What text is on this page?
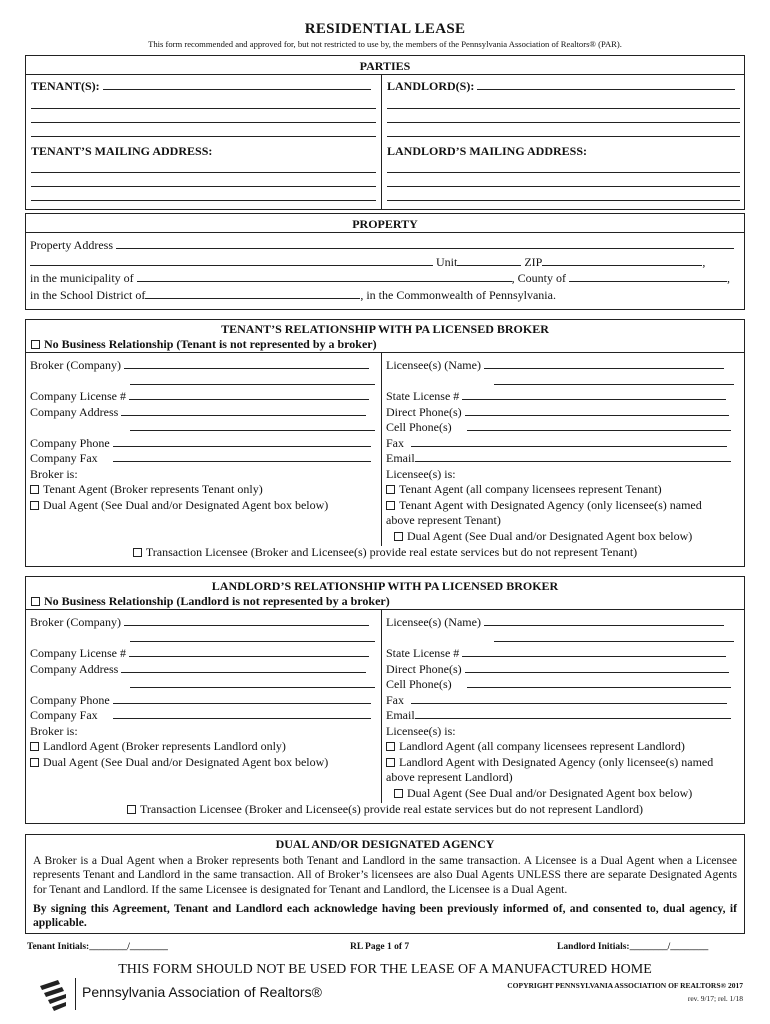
RESIDENTIAL LEASE
This form recommended and approved for, but not restricted to use by, the members of the Pennsylvania Association of Realtors® (PAR).
PARTIES
TENANT(S):
TENANT’S MAILING ADDRESS:
LANDLORD(S):
LANDLORD’S MAILING ADDRESS:
PROPERTY
Property Address
Unit	ZIP	,
in the municipality of	, County of	,
in the School District of	, in the Commonwealth of Pennsylvania.
TENANT’S RELATIONSHIP WITH PA LICENSED BROKER
No Business Relationship (Tenant is not represented by a broker)
Broker (Company)
Company License #
Company Address
Company Phone
Company Fax
Broker is:
Tenant Agent (Broker represents Tenant only)
Dual Agent (See Dual and/or Designated Agent box below)
Licensee(s) (Name)
State License #
Direct Phone(s)
Cell Phone(s)
Fax
Email
Licensee(s) is:
Tenant Agent (all company licensees represent Tenant)
Tenant Agent with Designated Agency (only licensee(s) named
above represent Tenant)
Dual Agent (See Dual and/or Designated Agent box below)
Transaction Licensee (Broker and Licensee(s) provide real estate services but do not represent Tenant)
LANDLORD’S RELATIONSHIP WITH PA LICENSED BROKER
No Business Relationship (Landlord is not represented by a broker)
Broker (Company)
Company License #
Company Address
Company Phone
Company Fax
Broker is:
Landlord Agent (Broker represents Landlord only)
Dual Agent (See Dual and/or Designated Agent box below)
Licensee(s) (Name)
State License #
Direct Phone(s)
Cell Phone(s)
Fax
Email
Licensee(s) is:
Landlord Agent (all company licensees represent Landlord)
Landlord Agent with Designated Agency (only licensee(s) named
above represent Landlord)
Dual Agent (See Dual and/or Designated Agent box below)
Transaction Licensee (Broker and Licensee(s) provide real estate services but do not represent Landlord)
DUAL AND/OR DESIGNATED AGENCY
A Broker is a Dual Agent when a Broker represents both Tenant and Landlord in the same transaction. A Licensee is a Dual Agent when a Licensee represents Tenant and Landlord in the same transaction. All of Broker’s licensees are also Dual Agents UNLESS there are separate Designated Agents for Tenant and Landlord. If the same Licensee is designated for Tenant and Landlord, the Licensee is a Dual Agent.
By signing this Agreement, Tenant and Landlord each acknowledge having been previously informed of, and consented to, dual agency, if applicable.
Tenant Initials:________/________	RL Page 1 of 7	Landlord Initials:________/________
THIS FORM SHOULD NOT BE USED FOR THE LEASE OF A MANUFACTURED HOME
Pennsylvania Association of Realtors®	COPYRIGHT PENNSYLVANIA ASSOCIATION OF REALTORS® 2017
rev. 9/17; rel. 1/18
